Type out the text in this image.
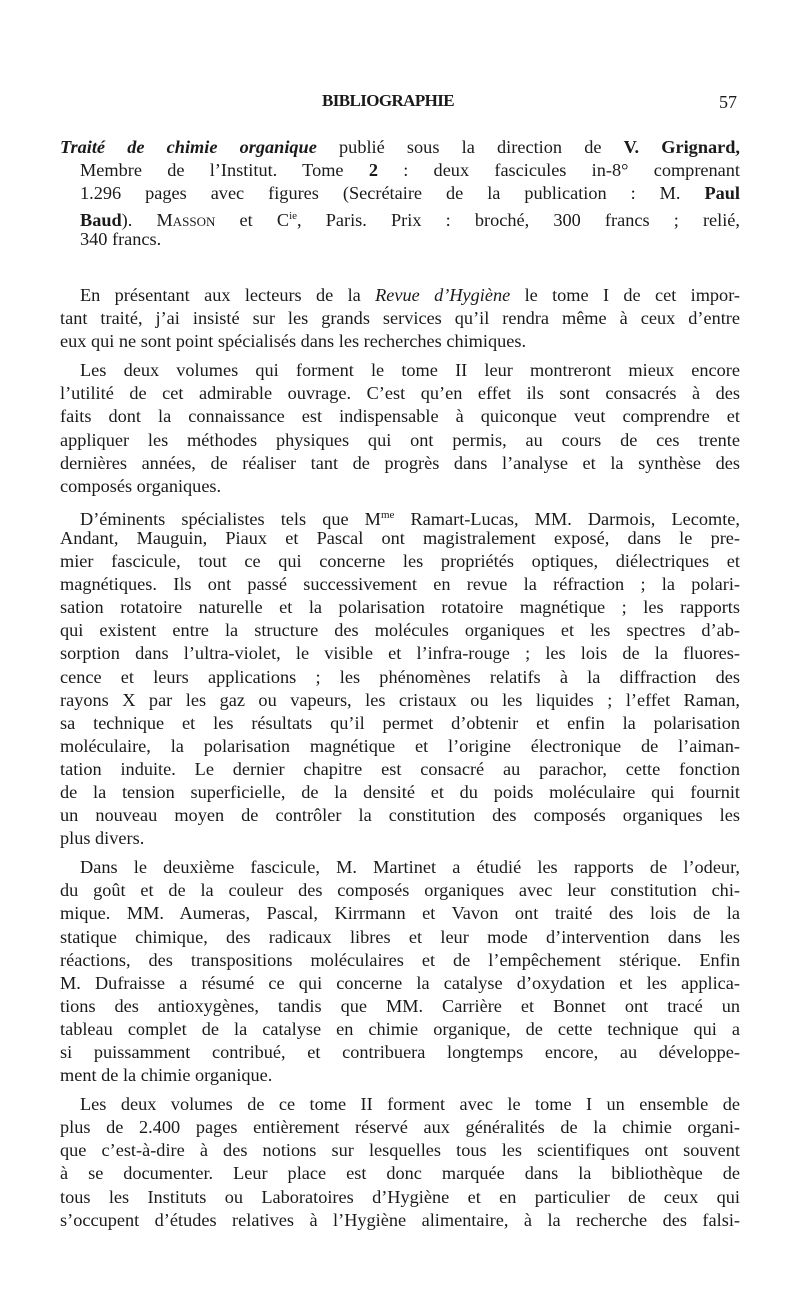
BIBLIOGRAPHIE	57
Traité de chimie organique publié sous la direction de V. Grignard,
Membre de l’Institut. Tome 2 : deux fascicules in-8° comprenant
1.296 pages avec figures (Secrétaire de la publication : M. Paul
Baud). Masson et $C^{ie}$, Paris. Prix : broché, 300 francs ; relié,
340 francs.
En présentant aux lecteurs de la Revue d’Hygiène le tome I de cet impor-
tant traité, j’ai insisté sur les grands services qu’il rendra même à ceux d’entre
eux qui ne sont point spécialisés dans les recherches chimiques.
Les deux volumes qui forment le tome II leur montreront mieux encore
l’utilité de cet admirable ouvrage. C’est qu’en effet ils sont consacrés à des
faits dont la connaissance est indispensable à quiconque veut comprendre et
appliquer les méthodes physiques qui ont permis, au cours de ces trente
dernières années, de réaliser tant de progrès dans l’analyse et la synthèse des
composés organiques.
D’éminents spécialistes tels que $M^{me}$ Ramart-Lucas, MM. Darmois, Lecomte,
Andant, Mauguin, Piaux et Pascal ont magistralement exposé, dans le pre-
mier fascicule, tout ce qui concerne les propriétés optiques, diélectriques et
magnétiques. Ils ont passé successivement en revue la réfraction ; la polari-
sation rotatoire naturelle et la polarisation rotatoire magnétique ; les rapports
qui existent entre la structure des molécules organiques et les spectres d’ab-
sorption dans l’ultra-violet, le visible et l’infra-rouge ; les lois de la fluores-
cence et leurs applications ; les phénomènes relatifs à la diffraction des
rayons X par les gaz ou vapeurs, les cristaux ou les liquides ; l’effet Raman,
sa technique et les résultats qu’il permet d’obtenir et enfin la polarisation
moléculaire, la polarisation magnétique et l’origine électronique de l’aiman-
tation induite. Le dernier chapitre est consacré au parachor, cette fonction
de la tension superficielle, de la densité et du poids moléculaire qui fournit
un nouveau moyen de contrôler la constitution des composés organiques les
plus divers.
Dans le deuxième fascicule, M. Martinet a étudié les rapports de l’odeur,
du goût et de la couleur des composés organiques avec leur constitution chi-
mique. MM. Aumeras, Pascal, Kirrmann et Vavon ont traité des lois de la
statique chimique, des radicaux libres et leur mode d’intervention dans les
réactions, des transpositions moléculaires et de l’empêchement stérique. Enfin
M. Dufraisse a résumé ce qui concerne la catalyse d’oxydation et les applica-
tions des antioxygènes, tandis que MM. Carrière et Bonnet ont tracé un
tableau complet de la catalyse en chimie organique, de cette technique qui a
si puissamment contribué, et contribuera longtemps encore, au développe-
ment de la chimie organique.
Les deux volumes de ce tome II forment avec le tome I un ensemble de
plus de 2.400 pages entièrement réservé aux généralités de la chimie organi-
que c’est-à-dire à des notions sur lesquelles tous les scientifiques ont souvent
à se documenter. Leur place est donc marquée dans la bibliothèque de
tous les Instituts ou Laboratoires d’Hygiène et en particulier de ceux qui
s’occupent d’études relatives à l’Hygiène alimentaire, à la recherche des falsi-
